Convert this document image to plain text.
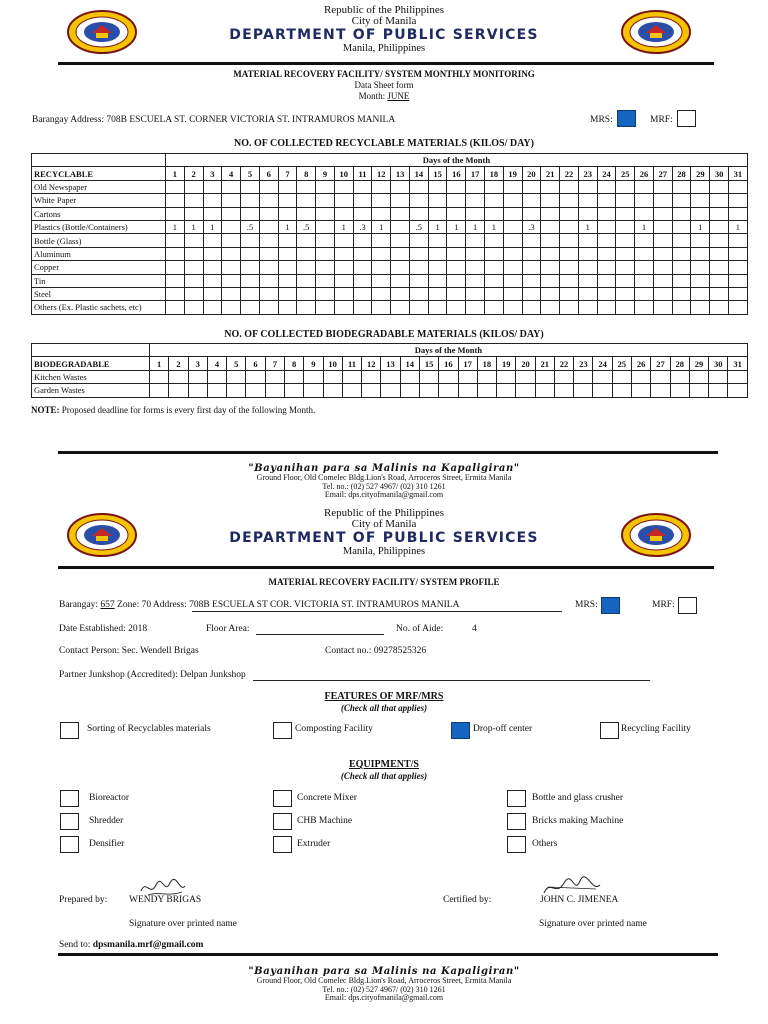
Republic of the Philippines
City of Manila
DEPARTMENT OF PUBLIC SERVICES
Manila, Philippines
MATERIAL RECOVERY FACILITY/ SYSTEM MONTHLY MONITORING
Data Sheet form
Month: JUNE
Barangay Address: 708B ESCUELA ST. CORNER VICTORIA ST. INTRAMUROS MANILA	MRS:	MRF:
NO. OF COLLECTED RECYCLABLE MATERIALS (KILOS/ DAY)
	Days of the Month																														
RECYCLABLE	1	2	3	4	5	6	7	8	9	10	11	12	13	14	15	16	17	18	19	20	21	22	23	24	25	26	27	28	29	30	31
Old Newspaper																															
White Paper																															
Cartons																															
Plastics (Bottle/Containers)	1	1	1		.5		1	.5		1	.3	1		.5	1	1	1	1		.3			1			1			1		1
Bottle (Glass)																															
Aluminum																															
Copper																															
Tin																															
Steel																															
Others (Ex. Plastic sachets, etc)																															
NO. OF COLLECTED BIODEGRADABLE MATERIALS (KILOS/ DAY)
	Days of the Month																														
BIODEGRADABLE	1	2	3	4	5	6	7	8	9	10	11	12	13	14	15	16	17	18	19	20	21	22	23	24	25	26	27	28	29	30	31
Kitchen Wastes																															
Garden Wastes																															
NOTE: Proposed deadline for forms is every first day of the following Month.
"Bayanihan para sa Malinis na Kapaligiran"
Ground Floor, Old Comelec Bldg.Lion's Road, Arroceros Street, Ermita Manila
Tel. no.: (02) 527 4967/ (02) 310 1261
Email: dps.cityofmanila@gmail.com
Republic of the Philippines
City of Manila
DEPARTMENT OF PUBLIC SERVICES
Manila, Philippines
MATERIAL RECOVERY FACILITY/ SYSTEM PROFILE
Barangay: 657 Zone: 70 Address: 708B ESCUELA ST COR. VICTORIA ST. INTRAMUROS MANILA	MRS:	MRF:
Date Established: 2018	Floor Area:	No. of Aide:	4
Contact Person: Sec. Wendell Brigas	Contact no.: 09278525326
Partner Junkshop (Accredited): Delpan Junkshop
FEATURES OF MRF/MRS
(Check all that applies)
Sorting of Recyclables materials	Composting Facility	Drop-off center	Recycling Facility
EQUIPMENT/S
(Check all that applies)
Bioreactor	Concrete Mixer	Bottle and glass crusher
Shredder	CHB Machine	Bricks making Machine
Densifier	Extruder	Others
Prepared by: WENDY BRIGAS
Signature over printed name
Certified by:	JOHN C. JIMENEA
Signature over printed name
Send to: dpsmanila.mrf@gmail.com
"Bayanihan para sa Malinis na Kapaligiran"
Ground Floor, Old Comelec Bldg.Lion's Road, Arroceros Street, Ermita Manila
Tel. no.: (02) 527 4967/ (02) 310 1261
Email: dps.cityofmanila@gmail.com
